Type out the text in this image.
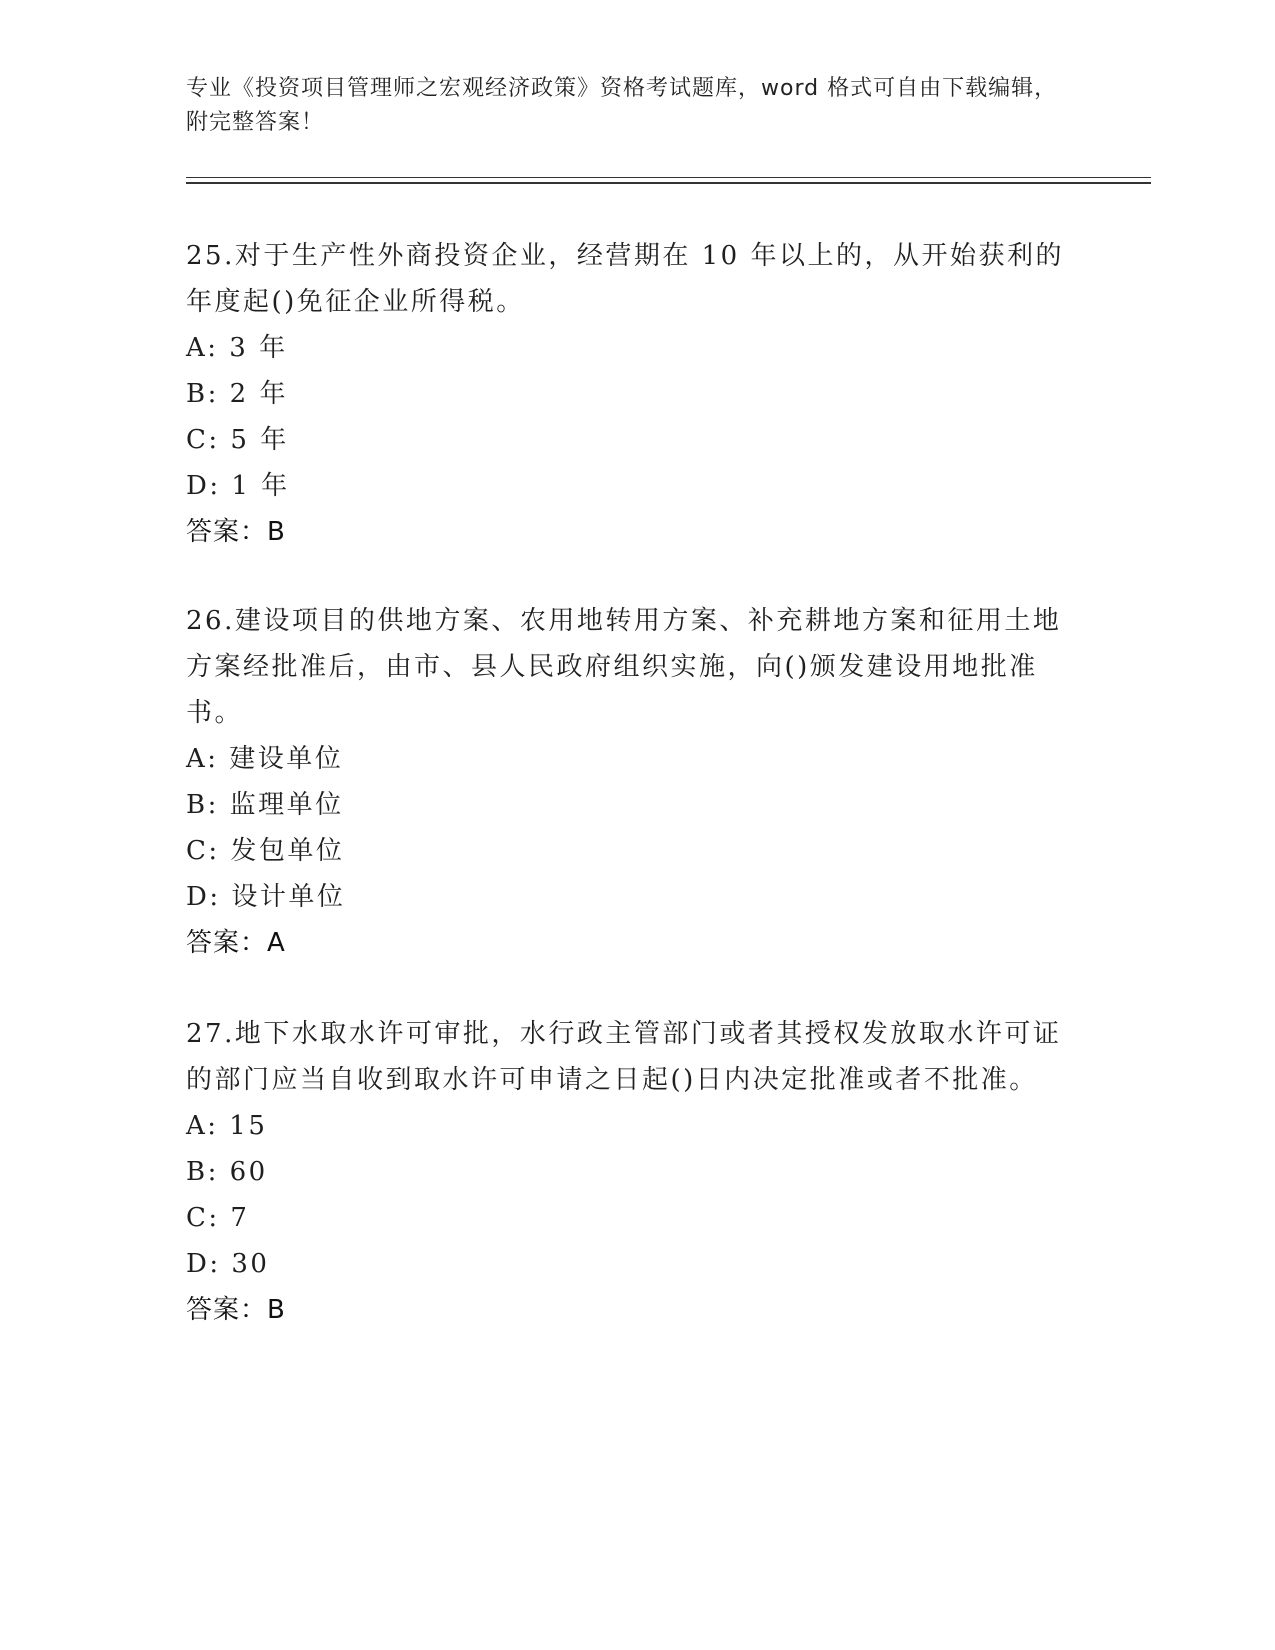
专业《投资项目管理师之宏观经济政策》资格考试题库，word 格式可自由下载编辑，附完整答案！

25.对于生产性外商投资企业，经营期在 10 年以上的，从开始获利的年度起()免征企业所得税。

A: 3 年

B: 2 年

C: 5 年

D: 1 年

答案：B

26.建设项目的供地方案、农用地转用方案、补充耕地方案和征用土地方案经批准后，由市、县人民政府组织实施，向()颁发建设用地批准书。

A: 建设单位

B: 监理单位

C: 发包单位

D: 设计单位

答案：A

27.地下水取水许可审批，水行政主管部门或者其授权发放取水许可证的部门应当自收到取水许可申请之日起()日内决定批准或者不批准。

A: 15

B: 60

C: 7

D: 30

答案：B
